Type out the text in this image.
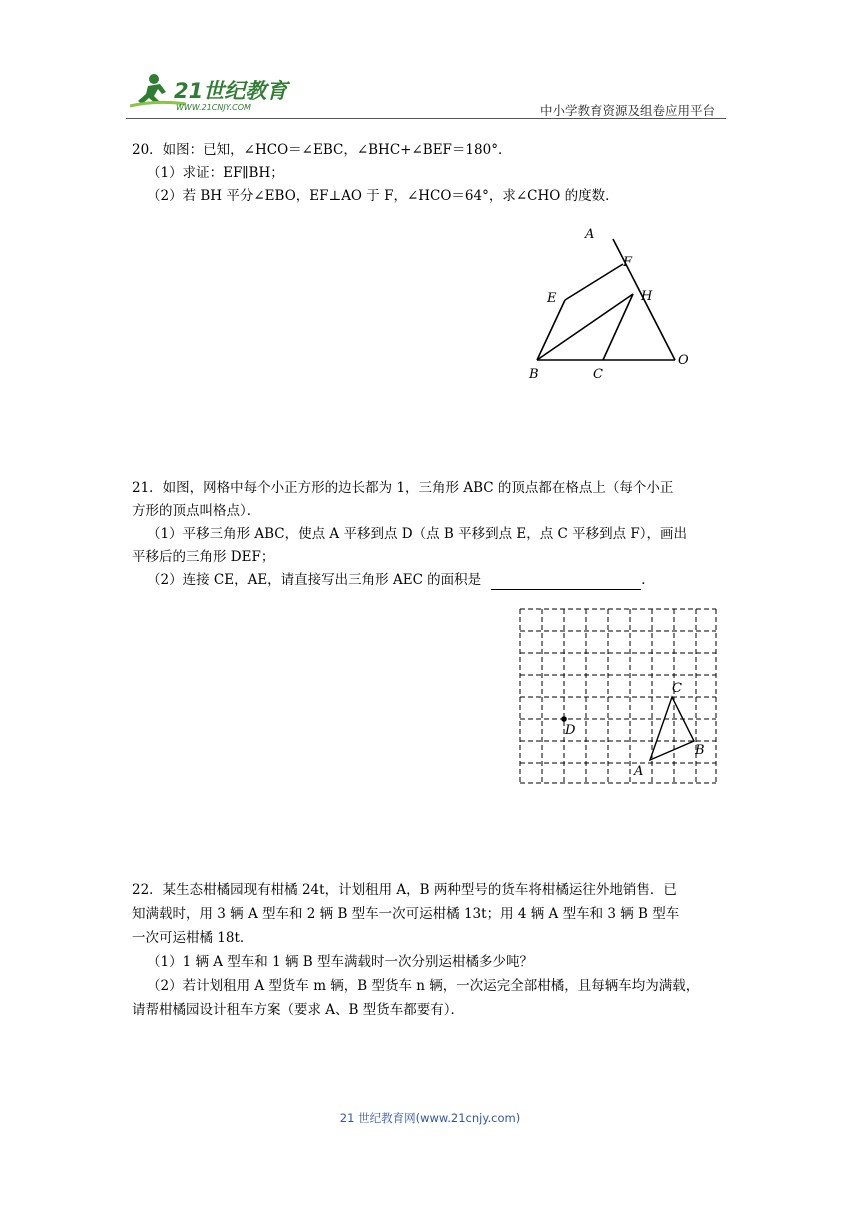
21世纪教育
WWW.21CNJY.COM	中小学教育资源及组卷应用平台
20．如图：已知，∠HCO＝∠EBC，∠BHC+∠BEF＝180°．
（1）求证：EF∥BH；
（2）若 BH 平分∠EBO，EF⊥AO 于 F，∠HCO＝64°，求∠CHO 的度数．
A
F
E	H
B	C
O
21．如图，网格中每个小正方形的边长都为 1，三角形 ABC 的顶点都在格点上（每个小正
方形的顶点叫格点）．
（1）平移三角形 ABC，使点 A 平移到点 D（点 B 平移到点 E，点 C 平移到点 F），画出
平移后的三角形 DEF；
（2）连接 CE，AE，请直接写出三角形 AEC 的面积是	．
C
D
B
A
22．某生态柑橘园现有柑橘 24t，计划租用 A，B 两种型号的货车将柑橘运往外地销售．已
知满载时，用 3 辆 A 型车和 2 辆 B 型车一次可运柑橘 13t；用 4 辆 A 型车和 3 辆 B 型车
一次可运柑橘 18t．
（1）1 辆 A 型车和 1 辆 B 型车满载时一次分别运柑橘多少吨？
（2）若计划租用 A 型货车 m 辆，B 型货车 n 辆，一次运完全部柑橘，且每辆车均为满载，
请帮柑橘园设计租车方案（要求 A、B 型货车都要有）．
21 世纪教育网(www.21cnjy.com)
